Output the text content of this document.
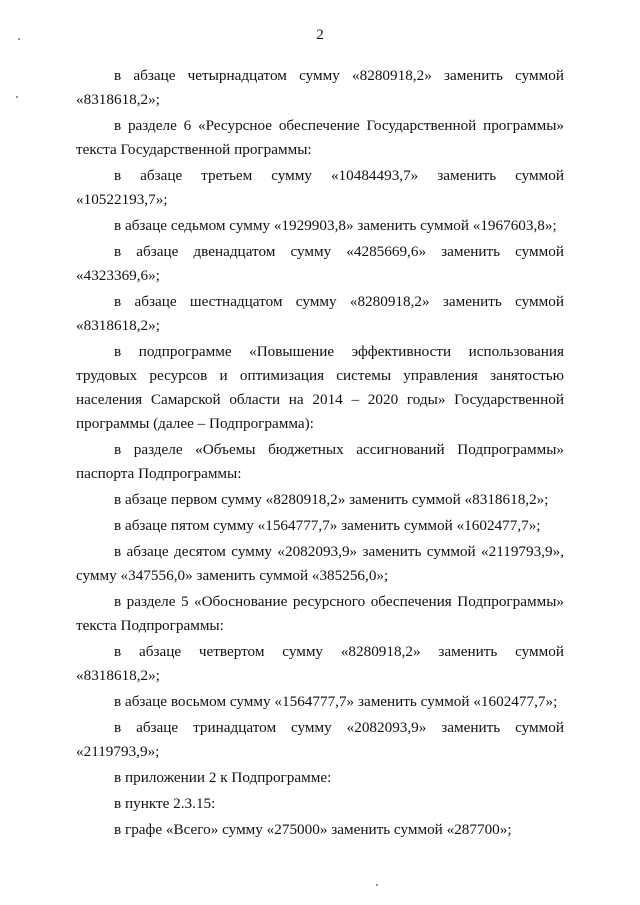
2

в абзаце четырнадцатом сумму «8280918,2» заменить суммой «8318618,2»;

в разделе 6 «Ресурсное обеспечение Государственной программы» текста Государственной программы:

в абзаце третьем сумму «10484493,7» заменить суммой «10522193,7»;

в абзаце седьмом сумму «1929903,8» заменить суммой «1967603,8»;

в абзаце двенадцатом сумму «4285669,6» заменить суммой «4323369,6»;

в абзаце шестнадцатом сумму «8280918,2» заменить суммой «8318618,2»;

в подпрограмме «Повышение эффективности использования трудовых ресурсов и оптимизация системы управления занятостью населения Самарской области на 2014 – 2020 годы» Государственной программы (далее – Подпрограмма):

в разделе «Объемы бюджетных ассигнований Подпрограммы» паспорта Подпрограммы:

в абзаце первом сумму «8280918,2» заменить суммой «8318618,2»;

в абзаце пятом сумму «1564777,7» заменить суммой «1602477,7»;

в абзаце десятом сумму «2082093,9» заменить суммой «2119793,9», сумму «347556,0» заменить суммой «385256,0»;

в разделе 5 «Обоснование ресурсного обеспечения Подпрограммы» текста Подпрограммы:

в абзаце четвертом сумму «8280918,2» заменить суммой «8318618,2»;

в абзаце восьмом сумму «1564777,7» заменить суммой «1602477,7»;

в абзаце тринадцатом сумму «2082093,9» заменить суммой «2119793,9»;

в приложении 2 к Подпрограмме:

в пункте 2.3.15:

в графе «Всего» сумму «275000» заменить суммой «287700»;
